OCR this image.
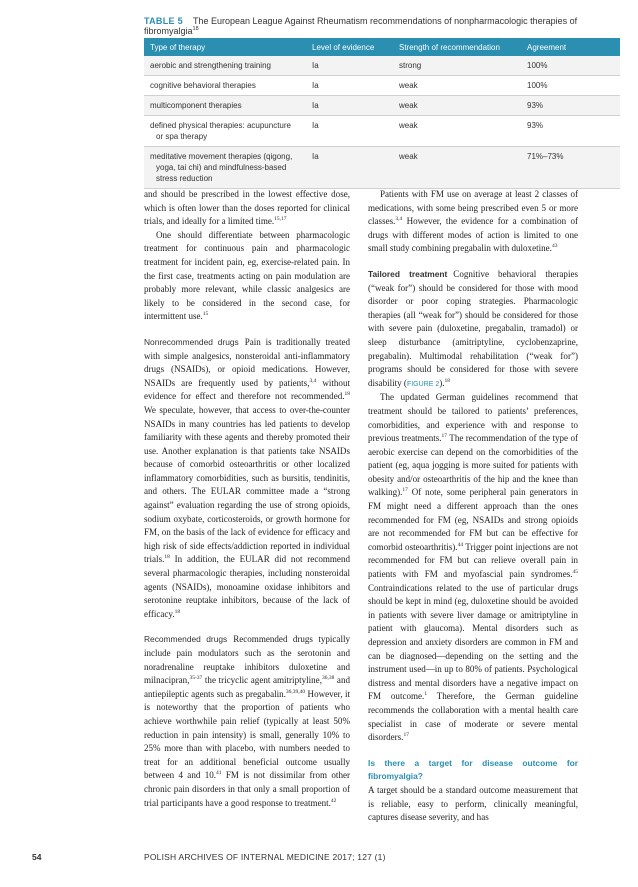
TABLE 5 The European League Against Rheumatism recommendations of nonpharmacologic therapies of fibromyalgia$^{18}$
Type of therapy	Level of evidence	Strength of recommendation	Agreement
aerobic and strengthening training	Ia	strong	100%
cognitive behavioral therapies	Ia	weak	100%
multicomponent therapies	Ia	weak	93%
defined physical therapies: acupuncture
or spa therapy	Ia	weak	93%
meditative movement therapies (qigong,
yoga, tai chi) and mindfulness-based stress reduction	Ia	weak	71%–73%

and should be prescribed in the lowest effective dose, which is often lower than the doses reported for clinical trials, and ideally for a limited time.$^{15,17}$

One should differentiate between pharmacologic treatment for continuous pain and pharmacologic treatment for incident pain, eg, exercise-related pain. In the first case, treatments acting on pain modulation are probably more relevant, while classic analgesics are likely to be considered in the second case, for intermittent use.$^{15}$

Nonrecommended drugs Pain is traditionally treated with simple analgesics, nonsteroidal anti-inflammatory drugs (NSAIDs), or opioid medications. However, NSAIDs are frequently used by patients,$^{3,4}$ without evidence for effect and therefore not recommended.$^{18}$ We speculate, however, that access to over-the-counter NSAIDs in many countries has led patients to develop familiarity with these agents and thereby promoted their use. Another explanation is that patients take NSAIDs because of comorbid osteoarthritis or other localized inflammatory comorbidities, such as bursitis, tendinitis, and others. The EULAR committee made a “strong against” evaluation regarding the use of strong opioids, sodium oxybate, corticosteroids, or growth hormone for FM, on the basis of the lack of evidence for efficacy and high risk of side effects/addiction reported in individual trials.$^{18}$ In addition, the EULAR did not recommend several pharmacologic therapies, including nonsteroidal agents (NSAIDs), monoamine oxidase inhibitors and serotonine reuptake inhibitors, because of the lack of efficacy.$^{18}$

Recommended drugs Recommended drugs typically include pain modulators such as the serotonin and noradrenaline reuptake inhibitors duloxetine and milnacipran,$^{35-37}$ the tricyclic agent amitriptyline,$^{36,38}$ and antiepileptic agents such as pregabalin.$^{36,39,40}$ However, it is noteworthy that the proportion of patients who achieve worthwhile pain relief (typically at least 50% reduction in pain intensity) is small, generally 10% to 25% more than with placebo, with numbers needed to treat for an additional beneficial outcome usually between 4 and 10.41 FM is not dissimilar from other chronic pain disorders in that only a small proportion of trial participants have a good response to treatment.$^{42}$

Patients with FM use on average at least 2 classes of medications, with some being prescribed even 5 or more classes.$^{3,4}$ However, the evidence for a combination of drugs with different modes of action is limited to one small study combining pregabalin with duloxetine.$^{43}$

Tailored treatment Cognitive behavioral therapies (“weak for”) should be considered for those with mood disorder or poor coping strategies. Pharmacologic therapies (all “weak for”) should be considered for those with severe pain (duloxetine, pregabalin, tramadol) or sleep disturbance (amitriptyline, cyclobenzaprine, pregabalin). Multimodal rehabilitation (“weak for”) programs should be considered for those with severe disability (FIGURE 2).$^{18}$

The updated German guidelines recommend that treatment should be tailored to patients’ preferences, comorbidities, and experience with and response to previous treatments.$^{17}$ The recommendation of the type of aerobic exercise can depend on the comorbidities of the patient (eg, aqua jogging is more suited for patients with obesity and/or osteoarthritis of the hip and the knee than walking).$^{17}$ Of note, some peripheral pain generators in FM might need a different approach than the ones recommended for FM (eg, NSAIDs and strong opioids are not recommended for FM but can be effective for comorbid osteoarthritis).$^{44}$ Trigger point injections are not recommended for FM but can relieve overall pain in patients with FM and myofascial pain syndromes.$^{45}$ Contraindications related to the use of particular drugs should be kept in mind (eg, duloxetine should be avoided in patients with severe liver damage or amitriptyline in patient with glaucoma). Mental disorders such as depression and anxiety disorders are common in FM and can be diagnosed—depending on the setting and the instrument used—in up to 80% of patients. Psychological distress and mental disorders have a negative impact on FM outcome.$^1$ Therefore, the German guideline recommends the collaboration with a mental health care specialist in case of moderate or severe mental disorders.$^{17}$

Is there a target for disease outcome for fibromyalgia?

A target should be a standard outcome measurement that is reliable, easy to perform, clinically meaningful, captures disease severity, and has

54	POLISH ARCHIVES OF INTERNAL MEDICINE 2017; 127 (1)
